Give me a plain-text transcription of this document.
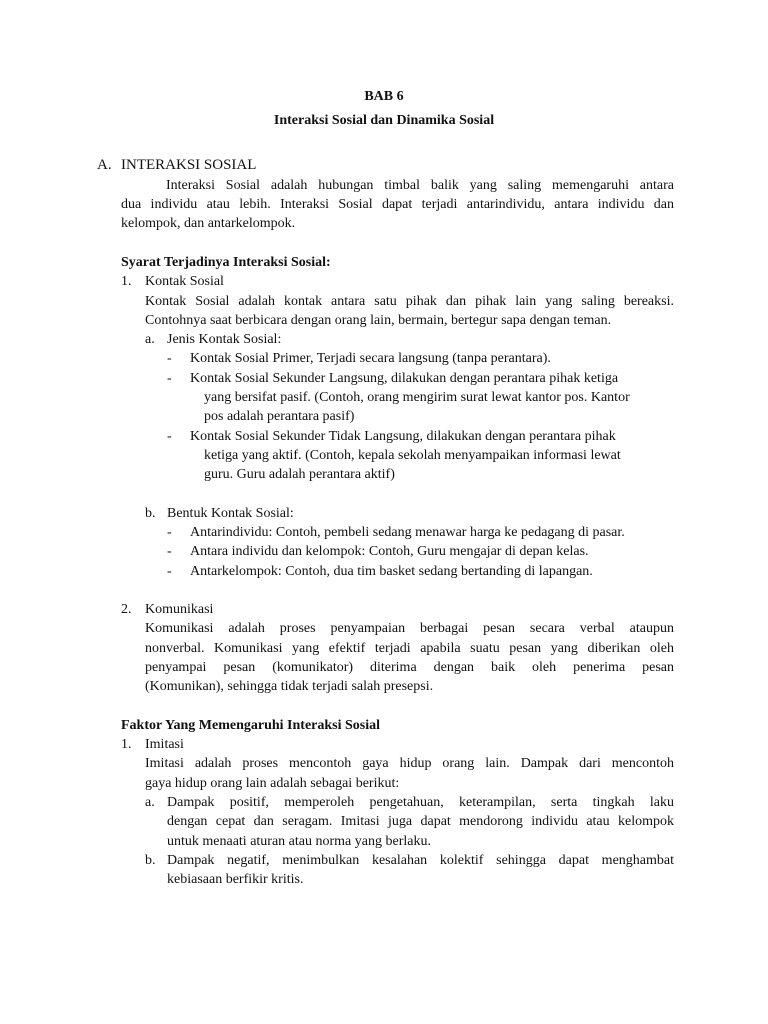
BAB 6
Interaksi Sosial dan Dinamika Sosial
A. INTERAKSI SOSIAL
Interaksi Sosial adalah hubungan timbal balik yang saling memengaruhi antara
dua individu atau lebih. Interaksi Sosial dapat terjadi antarindividu, antara individu dan
kelompok, dan antarkelompok.
Syarat Terjadinya Interaksi Sosial:
1. Kontak Sosial
Kontak Sosial adalah kontak antara satu pihak dan pihak lain yang saling bereaksi.
Contohnya saat berbicara dengan orang lain, bermain, bertegur sapa dengan teman.
a. Jenis Kontak Sosial:
- Kontak Sosial Primer, Terjadi secara langsung (tanpa perantara).
- Kontak Sosial Sekunder Langsung, dilakukan dengan perantara pihak ketiga
yang bersifat pasif. (Contoh, orang mengirim surat lewat kantor pos. Kantor
pos adalah perantara pasif)
- Kontak Sosial Sekunder Tidak Langsung, dilakukan dengan perantara pihak
ketiga yang aktif. (Contoh, kepala sekolah menyampaikan informasi lewat
guru. Guru adalah perantara aktif)
b. Bentuk Kontak Sosial:
- Antarindividu: Contoh, pembeli sedang menawar harga ke pedagang di pasar.
- Antara individu dan kelompok: Contoh, Guru mengajar di depan kelas.
- Antarkelompok: Contoh, dua tim basket sedang bertanding di lapangan.
2. Komunikasi
Komunikasi adalah proses penyampaian berbagai pesan secara verbal ataupun
nonverbal. Komunikasi yang efektif terjadi apabila suatu pesan yang diberikan oleh
penyampai pesan (komunikator) diterima dengan baik oleh penerima pesan
(Komunikan), sehingga tidak terjadi salah presepsi.
Faktor Yang Memengaruhi Interaksi Sosial
1. Imitasi
Imitasi adalah proses mencontoh gaya hidup orang lain. Dampak dari mencontoh
gaya hidup orang lain adalah sebagai berikut:
a. Dampak positif, memperoleh pengetahuan, keterampilan, serta tingkah laku
dengan cepat dan seragam. Imitasi juga dapat mendorong individu atau kelompok
untuk menaati aturan atau norma yang berlaku.
b. Dampak negatif, menimbulkan kesalahan kolektif sehingga dapat menghambat
kebiasaan berfikir kritis.
